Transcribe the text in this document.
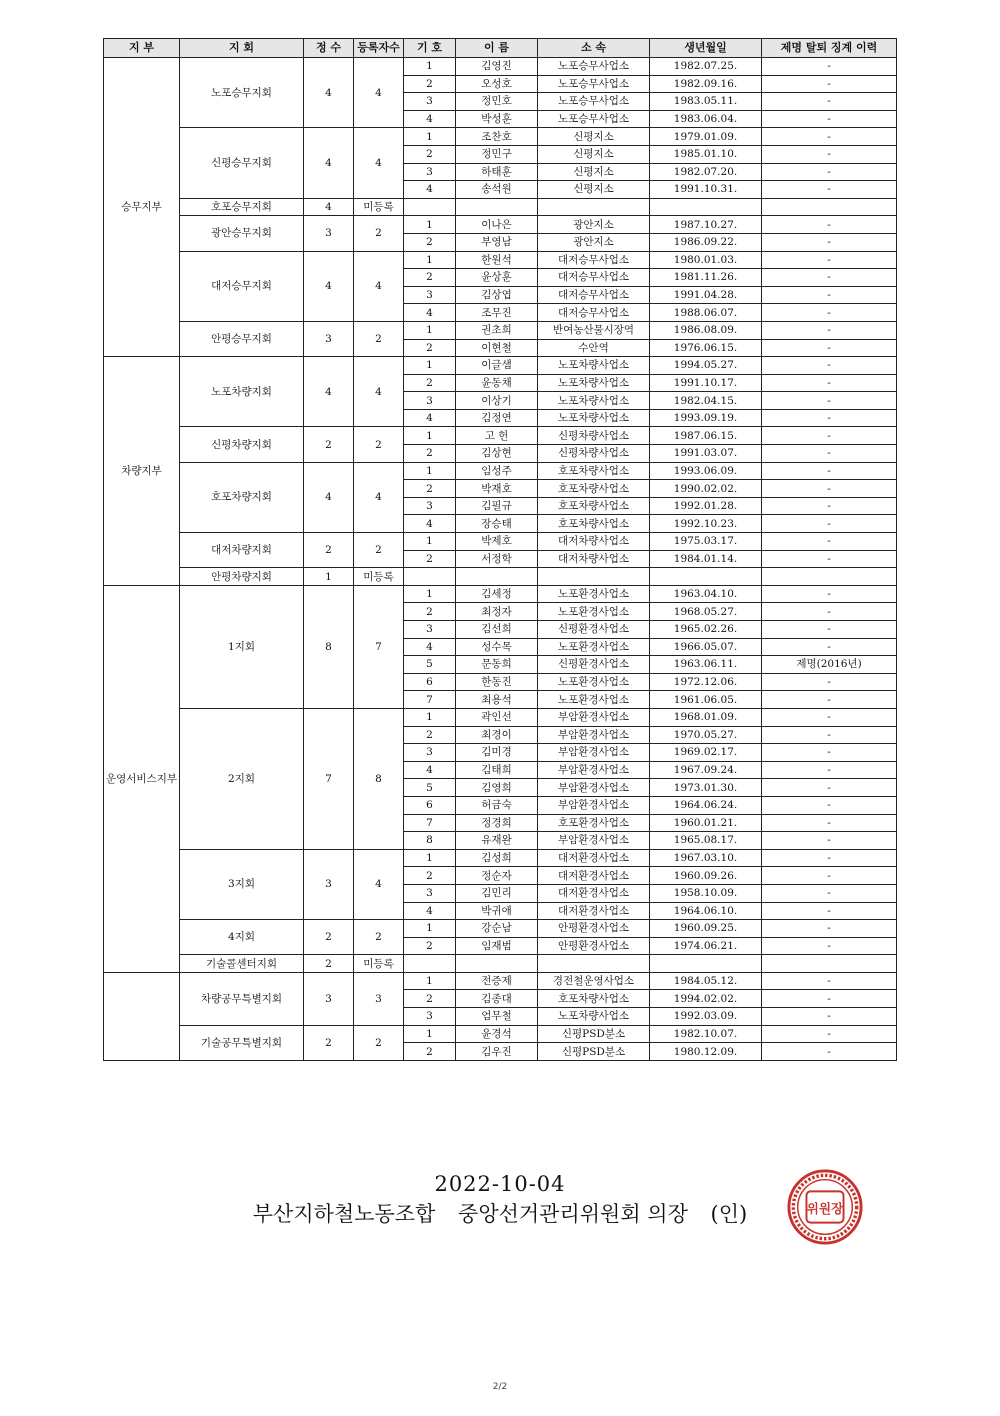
지 부	지 회	정 수	등록자수	기 호	이 름	소 속	생년월일	제명 탈퇴 징계 이력
승무지부	노포승무지회	4	4	1	김영진	노포승무사업소	1982.07.25.	-
				2	오성호	노포승무사업소	1982.09.16.	-
				3	정민호	노포승무사업소	1983.05.11.	-
				4	박성훈	노포승무사업소	1983.06.04.	-
	신평승무지회	4	4	1	조찬호	신평지소	1979.01.09.	-
				2	정민구	신평지소	1985.01.10.	-
				3	하태훈	신평지소	1982.07.20.	-
				4	송석원	신평지소	1991.10.31.	-
	호포승무지회	4	미등록					
	광안승무지회	3	2	1	이나은	광안지소	1987.10.27.	-
				2	부영남	광안지소	1986.09.22.	-
	대저승무지회	4	4	1	한원석	대저승무사업소	1980.01.03.	-
				2	윤상훈	대저승무사업소	1981.11.26.	-
				3	김상엽	대저승무사업소	1991.04.28.	-
				4	조무진	대저승무사업소	1988.06.07.	-
	안평승무지회	3	2	1	권초희	반여농산물시장역	1986.08.09.	-
				2	이현철	수안역	1976.06.15.	-
차량지부	노포차량지회	4	4	1	이글샘	노포차량사업소	1994.05.27.	-
				2	윤동채	노포차량사업소	1991.10.17.	-
				3	이상기	노포차량사업소	1982.04.15.	-
				4	김정연	노포차량사업소	1993.09.19.	-
	신평차량지회	2	2	1	고 헌	신평차량사업소	1987.06.15.	-
				2	김상현	신평차량사업소	1991.03.07.	-
	호포차량지회	4	4	1	임성주	호포차량사업소	1993.06.09.	-
				2	박재호	호포차량사업소	1990.02.02.	-
				3	김필규	호포차량사업소	1992.01.28.	-
				4	장승태	호포차량사업소	1992.10.23.	-
	대저차량지회	2	2	1	박제호	대저차량사업소	1975.03.17.	-
				2	서정학	대저차량사업소	1984.01.14.	-
	안평차량지회	1	미등록					
운영서비스지부	1지회	8	7	1	김세정	노포환경사업소	1963.04.10.	-
				2	최정자	노포환경사업소	1968.05.27.	-
				3	김선희	신평환경사업소	1965.02.26.	-
				4	성수목	노포환경사업소	1966.05.07.	-
				5	문동희	신평환경사업소	1963.06.11.	제명(2016년)
				6	한동진	노포환경사업소	1972.12.06.	-
				7	최용석	노포환경사업소	1961.06.05.	-
	2지회	7	8	1	곽인선	부암환경사업소	1968.01.09.	-
				2	최경이	부암환경사업소	1970.05.27.	-
				3	김미경	부암환경사업소	1969.02.17.	-
				4	김태희	부암환경사업소	1967.09.24.	-
				5	김영희	부암환경사업소	1973.01.30.	-
				6	허금숙	부암환경사업소	1964.06.24.	-
				7	정경희	호포환경사업소	1960.01.21.	-
				8	유재완	부암환경사업소	1965.08.17.	-
	3지회	3	4	1	김성희	대저환경사업소	1967.03.10.	-
				2	정순자	대저환경사업소	1960.09.26.	-
				3	김민리	대저환경사업소	1958.10.09.	-
				4	박귀애	대저환경사업소	1964.06.10.	-
	4지회	2	2	1	강순남	안평환경사업소	1960.09.25.	-
				2	임재범	안평환경사업소	1974.06.21.	-
	기술콜센터지회	2	미등록					
	차량공무특별지회	3	3	1	전증제	경전철운영사업소	1984.05.12.	-
				2	김종대	호포차량사업소	1994.02.02.	-
				3	엄무철	노포차량사업소	1992.03.09.	-
	기술공무특별지회	2	2	1	윤경석	신평PSD분소	1982.10.07.	-
				2	김우진	신평PSD분소	1980.12.09.	-
2022-10-04
부산지하철노동조합 중앙선거관리위원회 의장 (인)	위원장
2/2
